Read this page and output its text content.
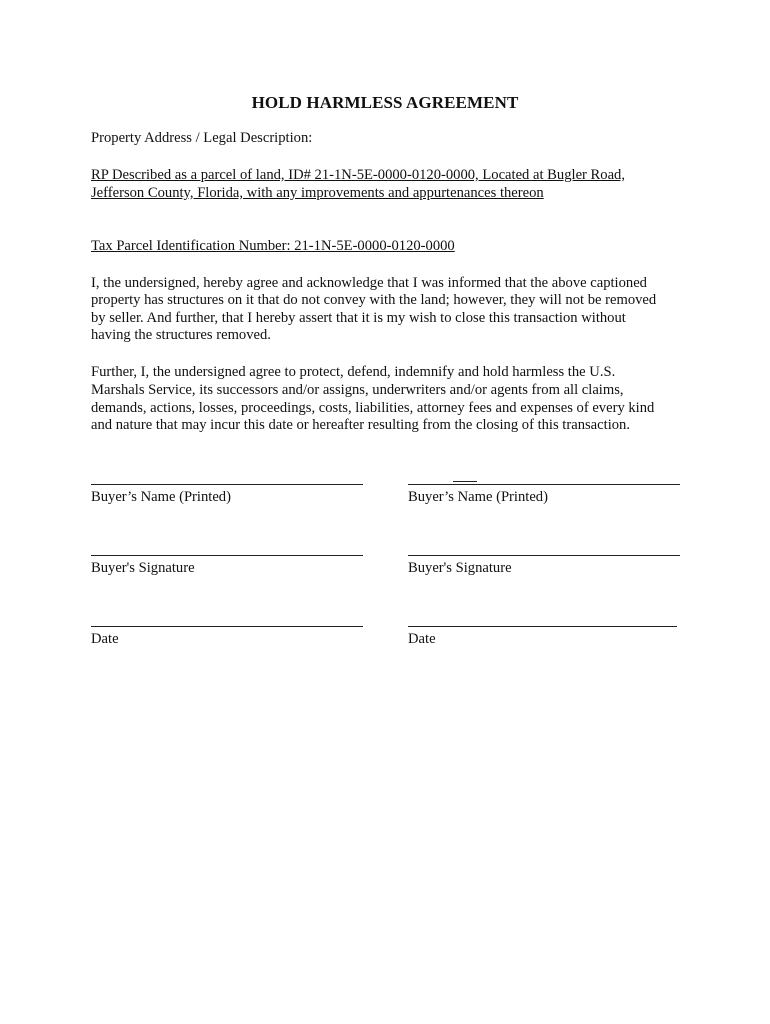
HOLD HARMLESS AGREEMENT
Property Address / Legal Description:
RP Described as a parcel of land, ID# 21-1N-5E-0000-0120-0000, Located at Bugler Road,
Jefferson County, Florida, with any improvements and appurtenances thereon
Tax Parcel Identification Number: 21-1N-5E-0000-0120-0000
I, the undersigned, hereby agree and acknowledge that I was informed that the above captioned
property has structures on it that do not convey with the land; however, they will not be removed
by seller. And further, that I hereby assert that it is my wish to close this transaction without
having the structures removed.
Further, I, the undersigned agree to protect, defend, indemnify and hold harmless the U.S.
Marshals Service, its successors and/or assigns, underwriters and/or agents from all claims,
demands, actions, losses, proceedings, costs, liabilities, attorney fees and expenses of every kind
and nature that may incur this date or hereafter resulting from the closing of this transaction.
Buyer’s Name (Printed)
Buyer's Signature
Date
Buyer’s Name (Printed)
Buyer's Signature
Date
